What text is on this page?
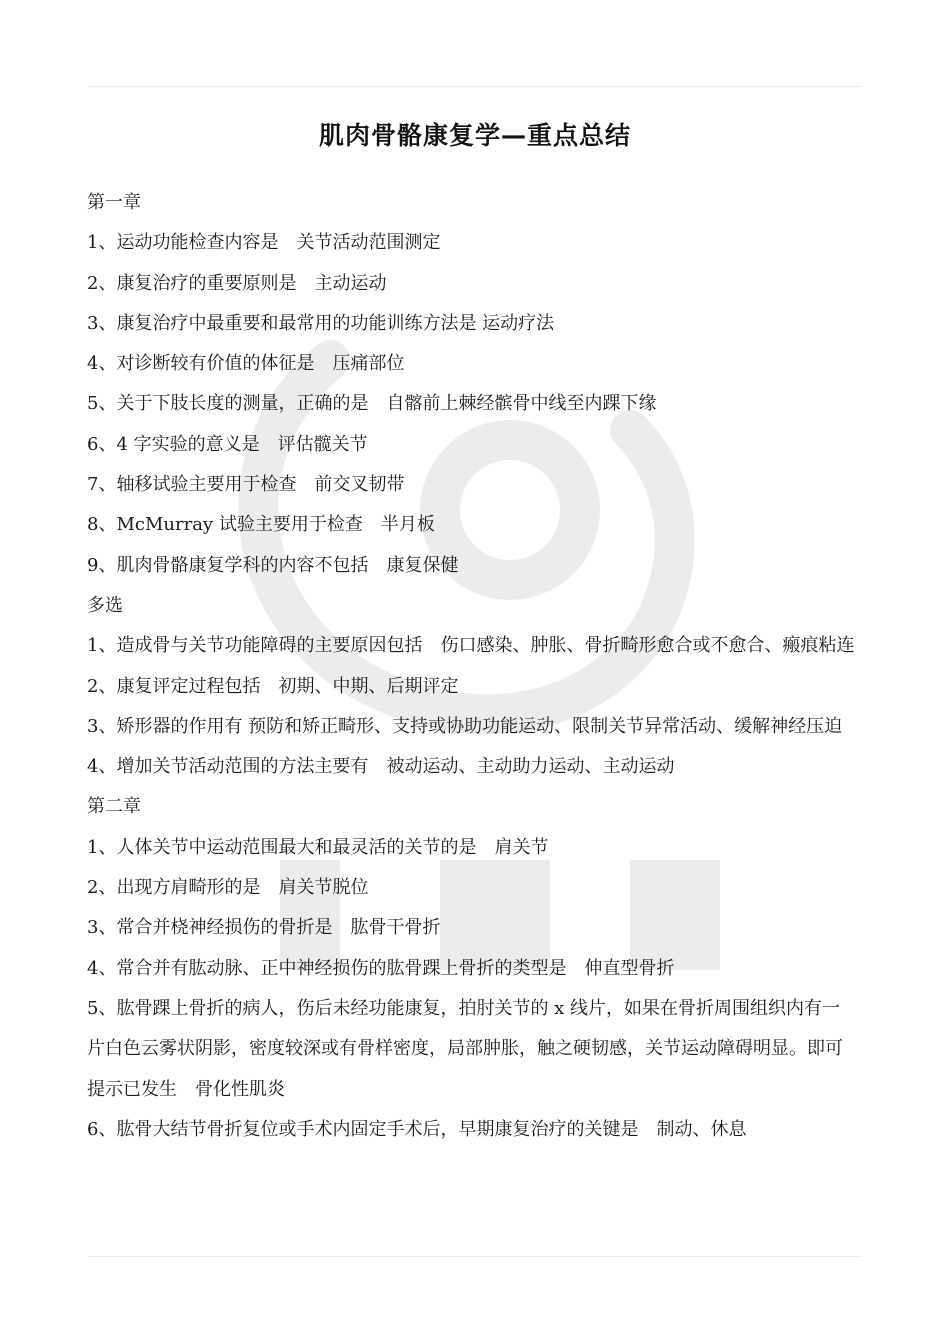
肌肉骨骼康复学—重点总结

第一章

1、运动功能检查内容是　关节活动范围测定

2、康复治疗的重要原则是　主动运动

3、康复治疗中最重要和最常用的功能训练方法是 运动疗法

4、对诊断较有价值的体征是　压痛部位

5、关于下肢长度的测量，正确的是　自髂前上棘经髌骨中线至内踝下缘

6、4 字实验的意义是　评估髋关节

7、轴移试验主要用于检查　前交叉韧带

8、McMurray 试验主要用于检查　半月板

9、肌肉骨骼康复学科的内容不包括　康复保健

多选

1、造成骨与关节功能障碍的主要原因包括　伤口感染、肿胀、骨折畸形愈合或不愈合、瘢痕粘连

2、康复评定过程包括　初期、中期、后期评定

3、矫形器的作用有 预防和矫正畸形、支持或协助功能运动、限制关节异常活动、缓解神经压迫

4、增加关节活动范围的方法主要有　被动运动、主动助力运动、主动运动

第二章

1、人体关节中运动范围最大和最灵活的关节的是　肩关节

2、出现方肩畸形的是　肩关节脱位

3、常合并桡神经损伤的骨折是　肱骨干骨折

4、常合并有肱动脉、正中神经损伤的肱骨踝上骨折的类型是　伸直型骨折

5、肱骨踝上骨折的病人，伤后未经功能康复，拍肘关节的 x 线片，如果在骨折周围组织内有一片白色云雾状阴影，密度较深或有骨样密度，局部肿胀，触之硬韧感，关节运动障碍明显。即可提示已发生　骨化性肌炎

6、肱骨大结节骨折复位或手术内固定手术后，早期康复治疗的关键是　制动、休息
